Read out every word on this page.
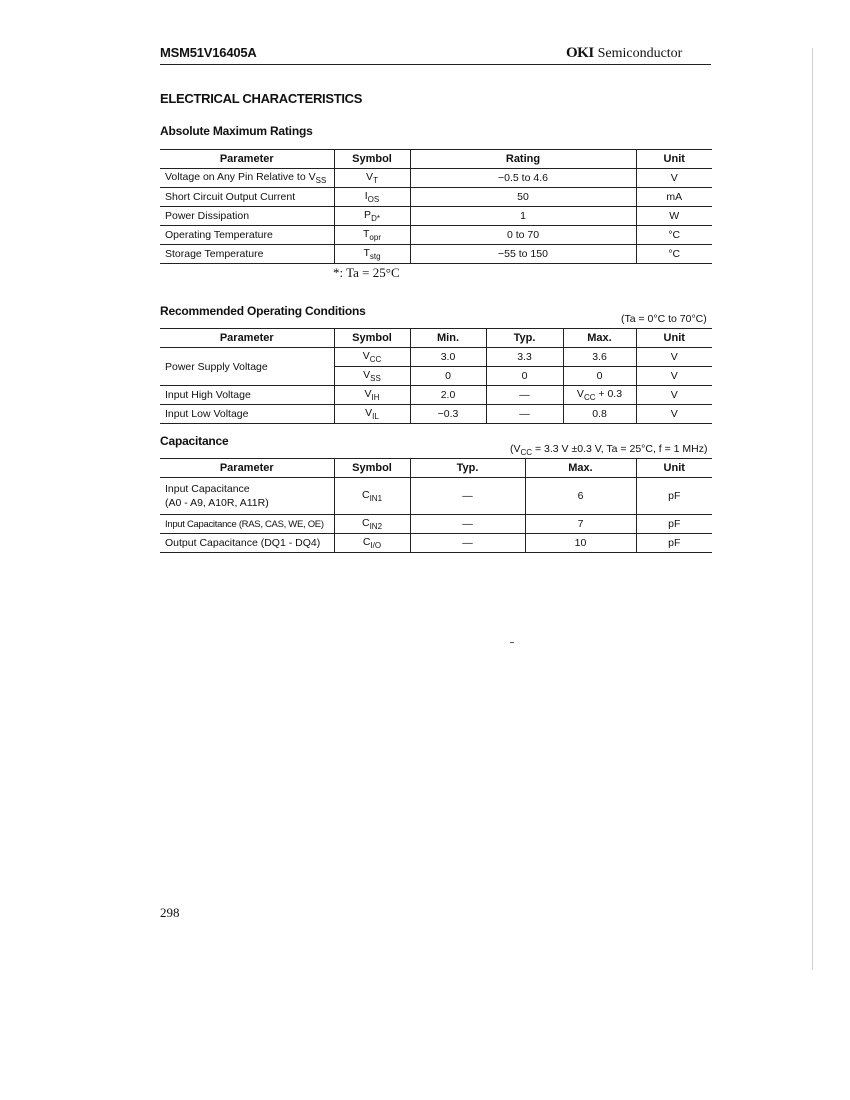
MSM51V16405A	OKI Semiconductor
ELECTRICAL CHARACTERISTICS
Absolute Maximum Ratings
Parameter	Symbol	Rating	Unit
Voltage on Any Pin Relative to $V_{SS}$	$V_T$	−0.5 to 4.6	V
Short Circuit Output Current	$I_{OS}$	50	mA
Power Dissipation	$P_{D*}$	1	W
Operating Temperature	$T_{opr}$	0 to 70	°C
Storage Temperature	$T_{stg}$	−55 to 150	°C
*: Ta = 25°C
Recommended Operating Conditions
(Ta = 0°C to 70°C)
Parameter	Symbol	Min.	Typ.	Max.	Unit
Power Supply Voltage	$V_{CC}$	3.0	3.3	3.6	V
	$V_{SS}$	0	0	0	V
Input High Voltage	$V_{IH}$	2.0	—	$V_{CC} + 0.3$	V
Input Low Voltage	$V_{IL}$	−0.3	—	0.8	V
Capacitance
($V_{CC} = 3.3$ V ±0.3 V, Ta = 25°C, f = 1 MHz)
Parameter	Symbol	Typ.	Max.	Unit
Input Capacitance
(A0 - A9, A10R, A11R)	$C_{IN1}$	—	6	pF
Input Capacitance (RAS, CAS, WE, OE)	$C_{IN2}$	—	7	pF
Output Capacitance (DQ1 - DQ4)	$C_{I/O}$	—	10	pF
298
